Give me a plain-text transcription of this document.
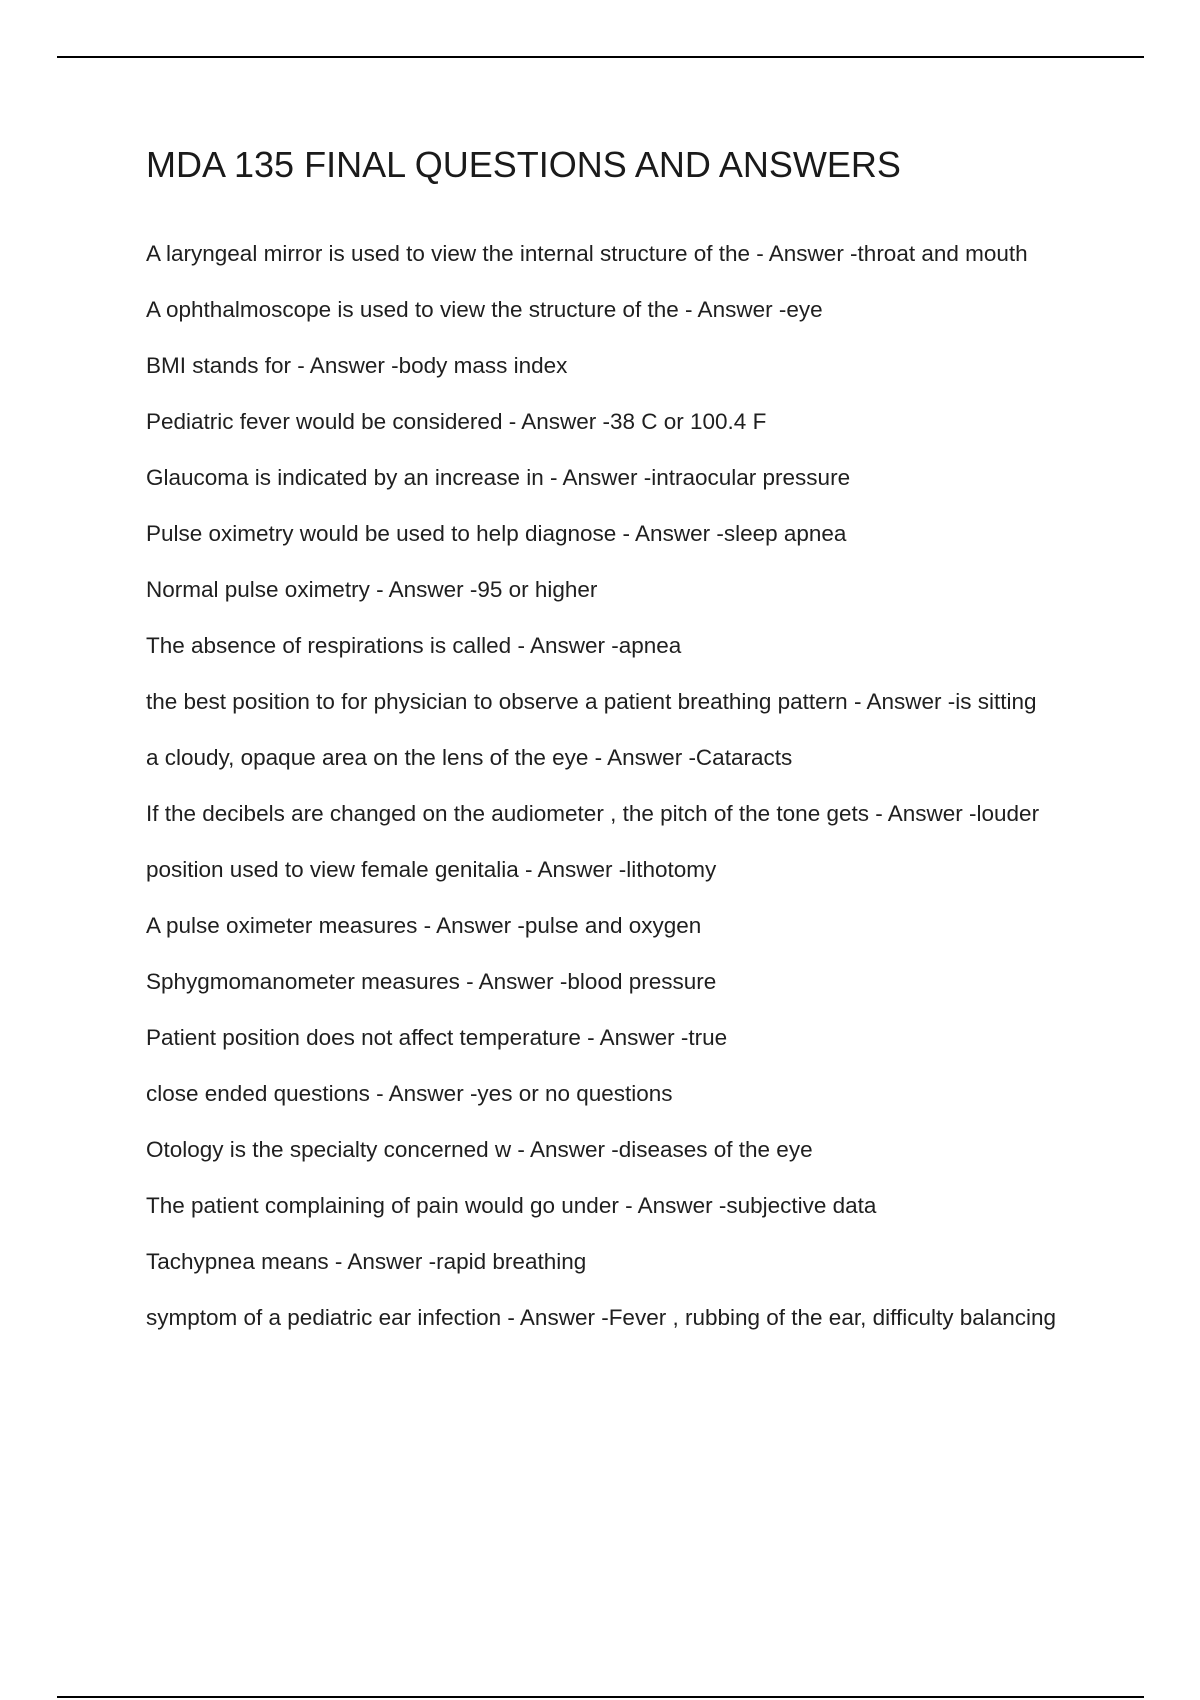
MDA 135 FINAL QUESTIONS AND ANSWERS
A laryngeal mirror is used to view the internal structure of the - Answer -throat and mouth
A ophthalmoscope is used to view the structure of the - Answer -eye
BMI stands for - Answer -body mass index
Pediatric fever would be considered - Answer -38 C or 100.4 F
Glaucoma is indicated by an increase in - Answer -intraocular pressure
Pulse oximetry would be used to help diagnose - Answer -sleep apnea
Normal pulse oximetry - Answer -95 or higher
The absence of respirations is called - Answer -apnea
the best position to for physician to observe a patient breathing pattern - Answer -is sitting
a cloudy, opaque area on the lens of the eye - Answer -Cataracts
If the decibels are changed on the audiometer , the pitch of the tone gets - Answer -louder
position used to view female genitalia - Answer -lithotomy
A pulse oximeter measures - Answer -pulse and oxygen
Sphygmomanometer measures - Answer -blood pressure
Patient position does not affect temperature - Answer -true
close ended questions - Answer -yes or no questions
Otology is the specialty concerned w - Answer -diseases of the eye
The patient complaining of pain would go under - Answer -subjective data
Tachypnea means - Answer -rapid breathing
symptom of a pediatric ear infection - Answer -Fever , rubbing of the ear, difficulty balancing
